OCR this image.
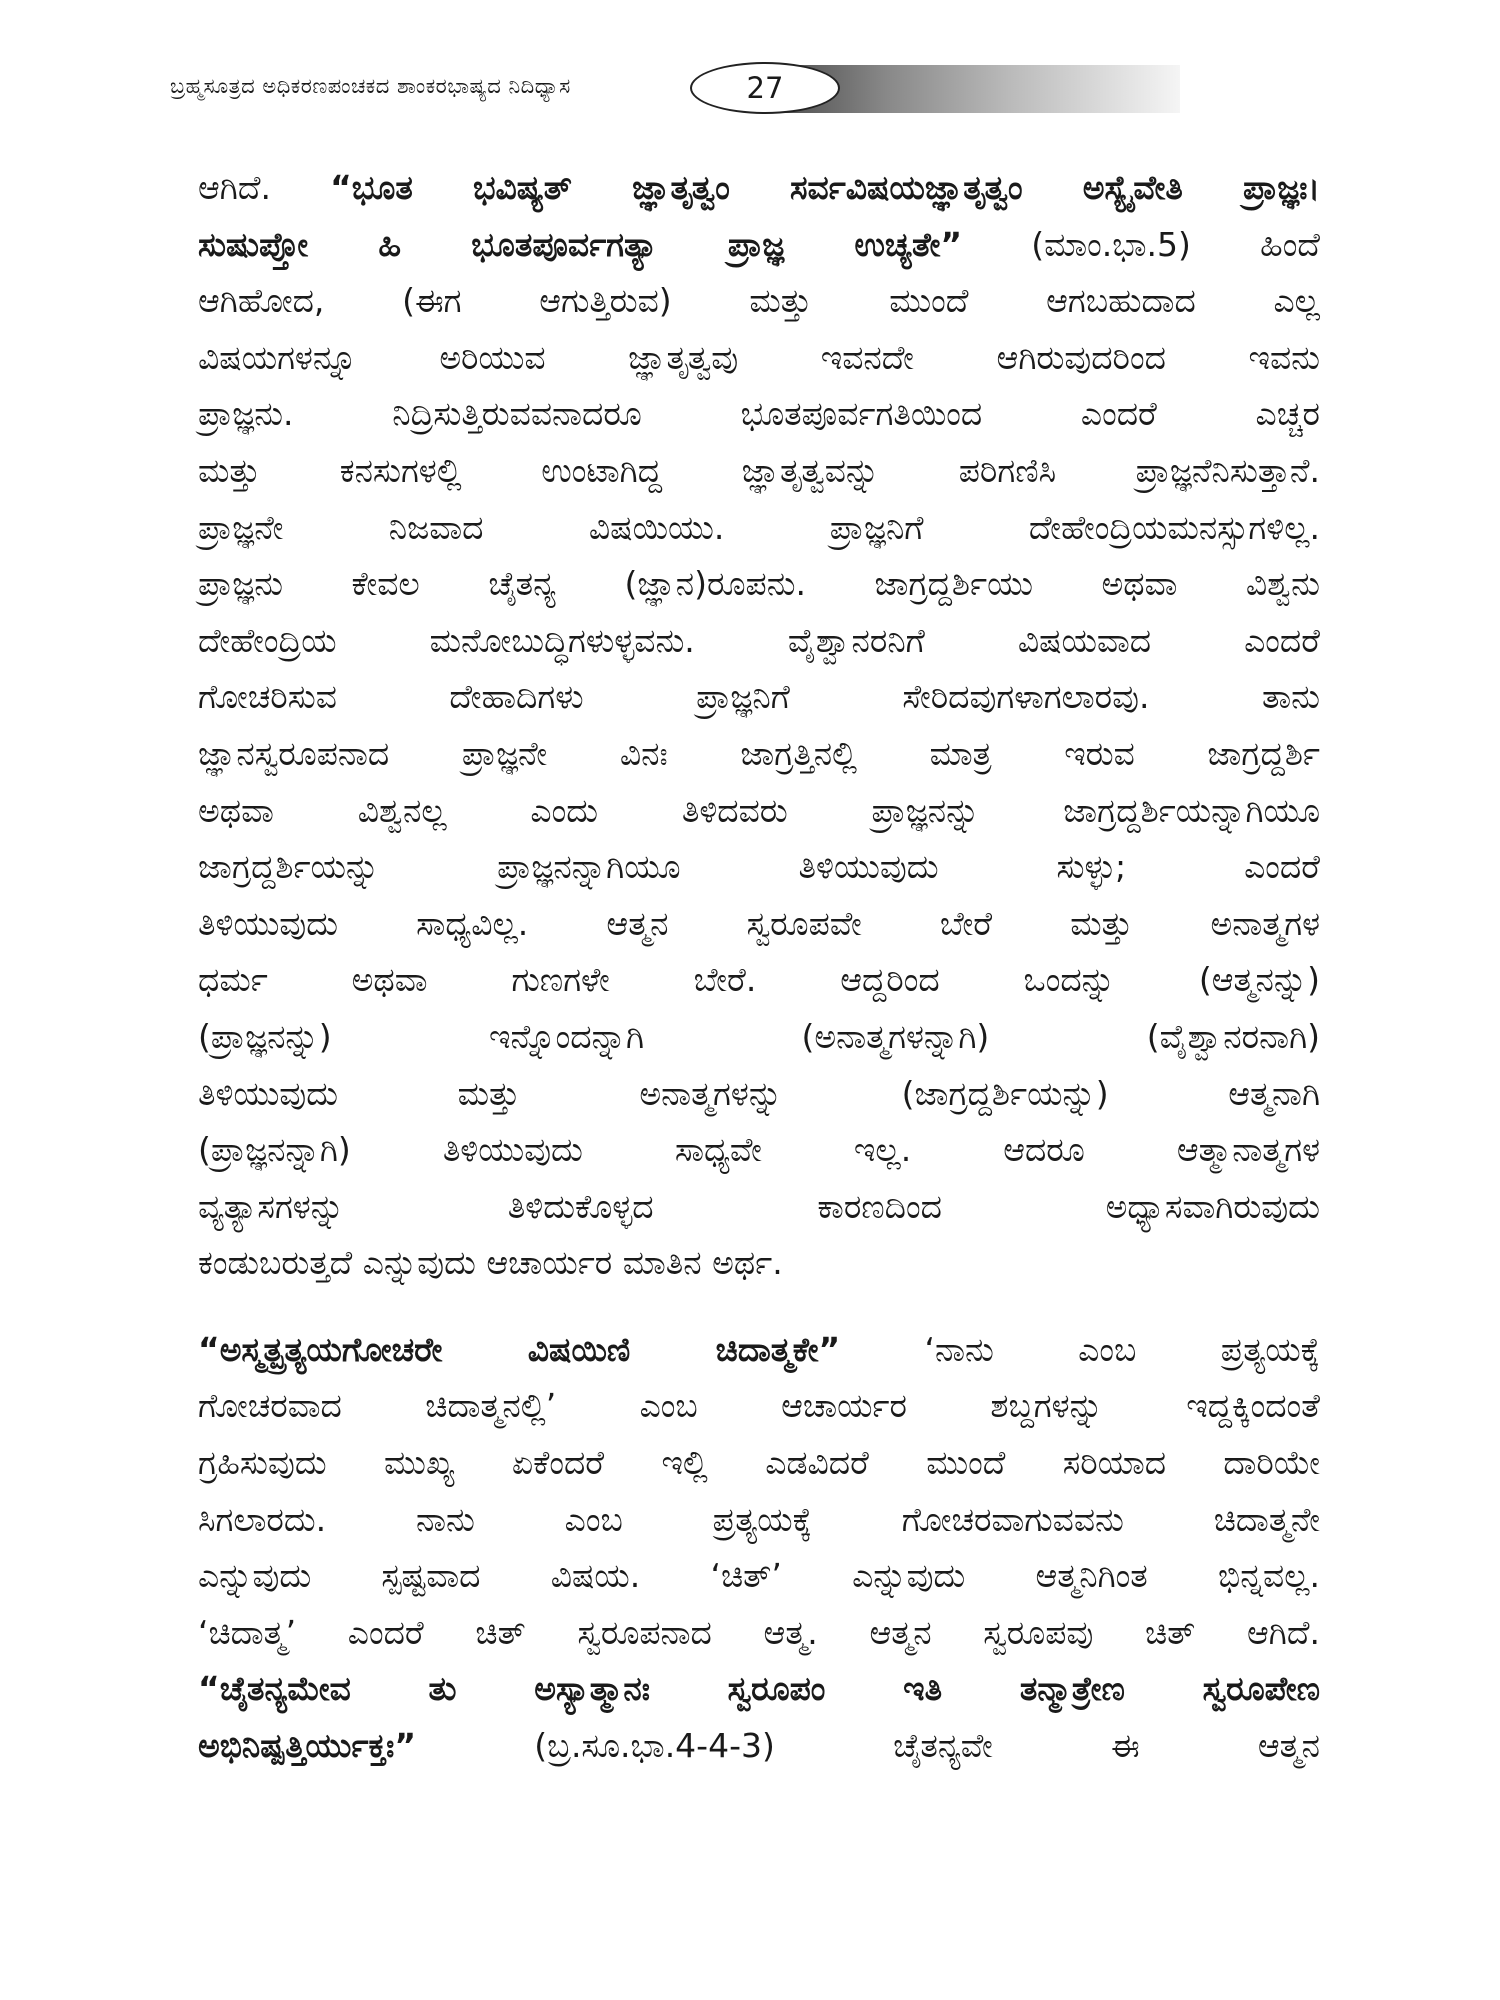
ಬ್ರಹ್ಮಸೂತ್ರದ ಅಧಿಕರಣಪಂಚಕದ ಶಾಂಕರಭಾಷ್ಯದ ನಿದಿಧ್ಯಾಸ	27
ಆಗಿದೆ. “ಭೂತ ಭವಿಷ್ಯತ್ ಜ್ಞಾತೃತ್ವಂ ಸರ್ವವಿಷಯಜ್ಞಾತೃತ್ವಂ ಅಸ್ಯೈವೇತಿ ಪ್ರಾಜ್ಞಃ।
ಸುಷುಪ್ತೋ ಹಿ ಭೂತಪೂರ್ವಗತ್ಯಾ ಪ್ರಾಜ್ಞ ಉಚ್ಯತೇ” (ಮಾಂ.ಭಾ.5) ಹಿಂದೆ
ಆಗಿಹೋದ, (ಈಗ ಆಗುತ್ತಿರುವ) ಮತ್ತು ಮುಂದೆ ಆಗಬಹುದಾದ ಎಲ್ಲ
ವಿಷಯಗಳನ್ನೂ ಅರಿಯುವ ಜ್ಞಾತೃತ್ವವು ಇವನದೇ ಆಗಿರುವುದರಿಂದ ಇವನು
ಪ್ರಾಜ್ಞನು. ನಿದ್ರಿಸುತ್ತಿರುವವನಾದರೂ ಭೂತಪೂರ್ವಗತಿಯಿಂದ ಎಂದರೆ ಎಚ್ಚರ
ಮತ್ತು ಕನಸುಗಳಲ್ಲಿ ಉಂಟಾಗಿದ್ದ ಜ್ಞಾತೃತ್ವವನ್ನು ಪರಿಗಣಿಸಿ ಪ್ರಾಜ್ಞನೆನಿಸುತ್ತಾನೆ.
ಪ್ರಾಜ್ಞನೇ ನಿಜವಾದ ವಿಷಯಿಯು. ಪ್ರಾಜ್ಞನಿಗೆ ದೇಹೇಂದ್ರಿಯಮನಸ್ಸುಗಳಿಲ್ಲ.
ಪ್ರಾಜ್ಞನು ಕೇವಲ ಚೈತನ್ಯ (ಜ್ಞಾನ)ರೂಪನು. ಜಾಗ್ರದ್ದರ್ಶಿಯು ಅಥವಾ ವಿಶ್ವನು
ದೇಹೇಂದ್ರಿಯ ಮನೋಬುದ್ಧಿಗಳುಳ್ಳವನು. ವೈಶ್ವಾನರನಿಗೆ ವಿಷಯವಾದ ಎಂದರೆ
ಗೋಚರಿಸುವ ದೇಹಾದಿಗಳು ಪ್ರಾಜ್ಞನಿಗೆ ಸೇರಿದವುಗಳಾಗಲಾರವು. ತಾನು
ಜ್ಞಾನಸ್ವರೂಪನಾದ ಪ್ರಾಜ್ಞನೇ ವಿನಃ ಜಾಗ್ರತ್ತಿನಲ್ಲಿ ಮಾತ್ರ ಇರುವ ಜಾಗ್ರದ್ದರ್ಶಿ
ಅಥವಾ ವಿಶ್ವನಲ್ಲ ಎಂದು ತಿಳಿದವರು ಪ್ರಾಜ್ಞನನ್ನು ಜಾಗ್ರದ್ದರ್ಶಿಯನ್ನಾಗಿಯೂ
ಜಾಗ್ರದ್ದರ್ಶಿಯನ್ನು ಪ್ರಾಜ್ಞನನ್ನಾಗಿಯೂ ತಿಳಿಯುವುದು ಸುಳ್ಳು; ಎಂದರೆ
ತಿಳಿಯುವುದು ಸಾಧ್ಯವಿಲ್ಲ. ಆತ್ಮನ ಸ್ವರೂಪವೇ ಬೇರೆ ಮತ್ತು ಅನಾತ್ಮಗಳ
ಧರ್ಮ ಅಥವಾ ಗುಣಗಳೇ ಬೇರೆ. ಆದ್ದರಿಂದ ಒಂದನ್ನು (ಆತ್ಮನನ್ನು)
(ಪ್ರಾಜ್ಞನನ್ನು) ಇನ್ನೊಂದನ್ನಾಗಿ (ಅನಾತ್ಮಗಳನ್ನಾಗಿ) (ವೈಶ್ವಾನರನಾಗಿ)
ತಿಳಿಯುವುದು ಮತ್ತು ಅನಾತ್ಮಗಳನ್ನು (ಜಾಗ್ರದ್ದರ್ಶಿಯನ್ನು) ಆತ್ಮನಾಗಿ
(ಪ್ರಾಜ್ಞನನ್ನಾಗಿ) ತಿಳಿಯುವುದು ಸಾಧ್ಯವೇ ಇಲ್ಲ. ಆದರೂ ಆತ್ಮಾನಾತ್ಮಗಳ
ವ್ಯತ್ಯಾಸಗಳನ್ನು ತಿಳಿದುಕೊಳ್ಳದ ಕಾರಣದಿಂದ ಅಧ್ಯಾಸವಾಗಿರುವುದು
ಕಂಡುಬರುತ್ತದೆ ಎನ್ನುವುದು ಆಚಾರ್ಯರ ಮಾತಿನ ಅರ್ಥ.
“ಅಸ್ಮತ್ಪ್ರತ್ಯಯಗೋಚರೇ ವಿಷಯಿಣಿ ಚಿದಾತ್ಮಕೇ” ‘ನಾನು ಎಂಬ ಪ್ರತ್ಯಯಕ್ಕೆ
ಗೋಚರವಾದ ಚಿದಾತ್ಮನಲ್ಲಿ’ ಎಂಬ ಆಚಾರ್ಯರ ಶಬ್ದಗಳನ್ನು ಇದ್ದಕ್ಕಿಂದಂತೆ
ಗ್ರಹಿಸುವುದು ಮುಖ್ಯ ಏಕೆಂದರೆ ಇಲ್ಲಿ ಎಡವಿದರೆ ಮುಂದೆ ಸರಿಯಾದ ದಾರಿಯೇ
ಸಿಗಲಾರದು. ನಾನು ಎಂಬ ಪ್ರತ್ಯಯಕ್ಕೆ ಗೋಚರವಾಗುವವನು ಚಿದಾತ್ಮನೇ
ಎನ್ನುವುದು ಸ್ಪಷ್ಟವಾದ ವಿಷಯ. ‘ಚಿತ್’ ಎನ್ನುವುದು ಆತ್ಮನಿಗಿಂತ ಭಿನ್ನವಲ್ಲ.
‘ಚಿದಾತ್ಮ’ ಎಂದರೆ ಚಿತ್ ಸ್ವರೂಪನಾದ ಆತ್ಮ. ಆತ್ಮನ ಸ್ವರೂಪವು ಚಿತ್ ಆಗಿದೆ.
“ಚೈತನ್ಯಮೇವ ತು ಅಸ್ಯಾತ್ಮಾನಃ ಸ್ವರೂಪಂ ಇತಿ ತನ್ಮಾತ್ರೇಣ ಸ್ವರೂಪೇಣ
ಅಭಿನಿಷ್ಪತ್ತಿರ್ಯುಕ್ತಃ” (ಬ್ರ.ಸೂ.ಭಾ.4-4-3) ಚೈತನ್ಯವೇ ಈ ಆತ್ಮನ
